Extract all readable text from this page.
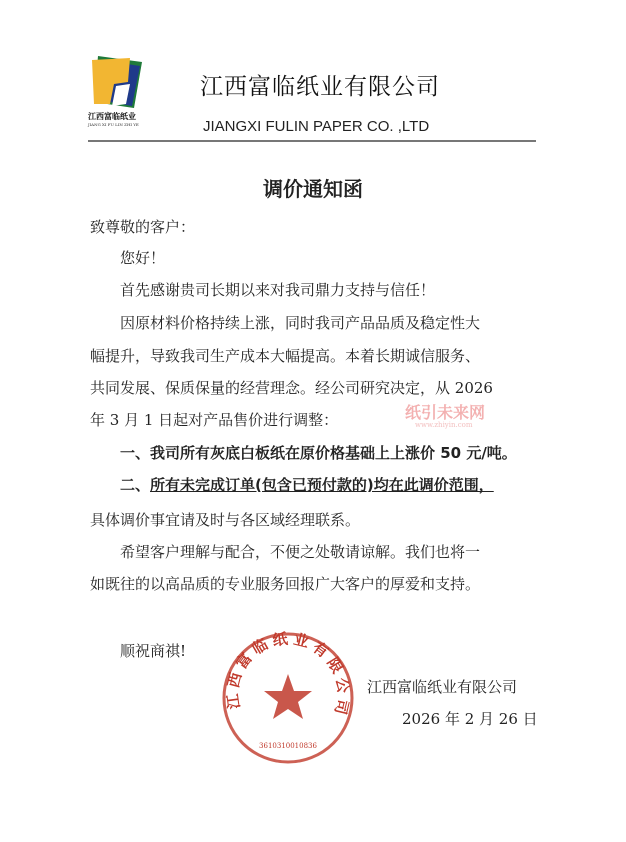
江西富临纸业
JIANG XI FU LIN ZHI YE
江西富临纸业有限公司
JIANGXI FULIN PAPER CO. ,LTD
调价通知函
致尊敬的客户：
您好！
首先感谢贵司长期以来对我司鼎力支持与信任！
因原材料价格持续上涨，同时我司产品品质及稳定性大
幅提升，导致我司生产成本大幅提高。本着长期诚信服务、
共同发展、保质保量的经营理念。经公司研究决定，从 2026
年 3 月 1 日起对产品售价进行调整：	纸引未来网
www.zhiyin.com
一、我司所有灰底白板纸在原价格基础上上涨价 50 元/吨。
二、所有未完成订单(包含已预付款的)均在此调价范围，
具体调价事宜请及时与各区域经理联系。
希望客户理解与配合，不便之处敬请谅解。我们也将一
如既往的以高品质的专业服务回报广大客户的厚爱和支持。
顺祝商祺!
江西富临纸业有限公司
3610310010836
江西富临纸业有限公司
2026 年 2 月 26 日
